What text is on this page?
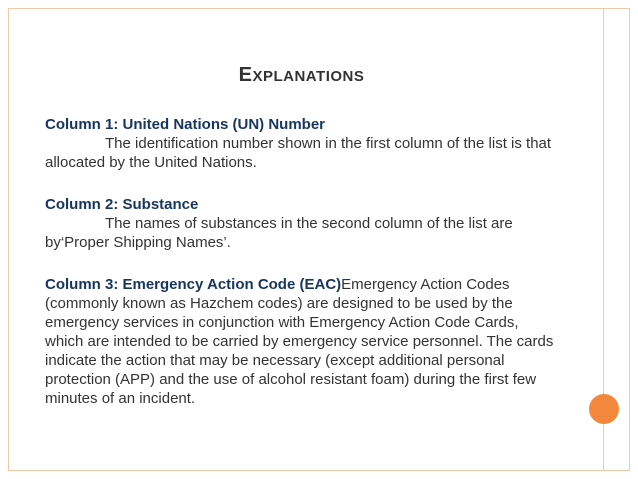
EXPLANATIONS

Column 1: United Nations (UN) Number

The identification number shown in the first column of the list is that allocated by the United Nations.

Column 2: Substance

The names of substances in the second column of the list are by‘Proper Shipping Names’.

Column 3: Emergency Action Code (EAC)Emergency Action Codes (commonly known as Hazchem codes) are designed to be used by the emergency services in conjunction with Emergency Action Code Cards, which are intended to be carried by emergency service personnel. The cards indicate the action that may be necessary (except additional personal protection (APP) and the use of alcohol resistant foam) during the first few minutes of an incident.
